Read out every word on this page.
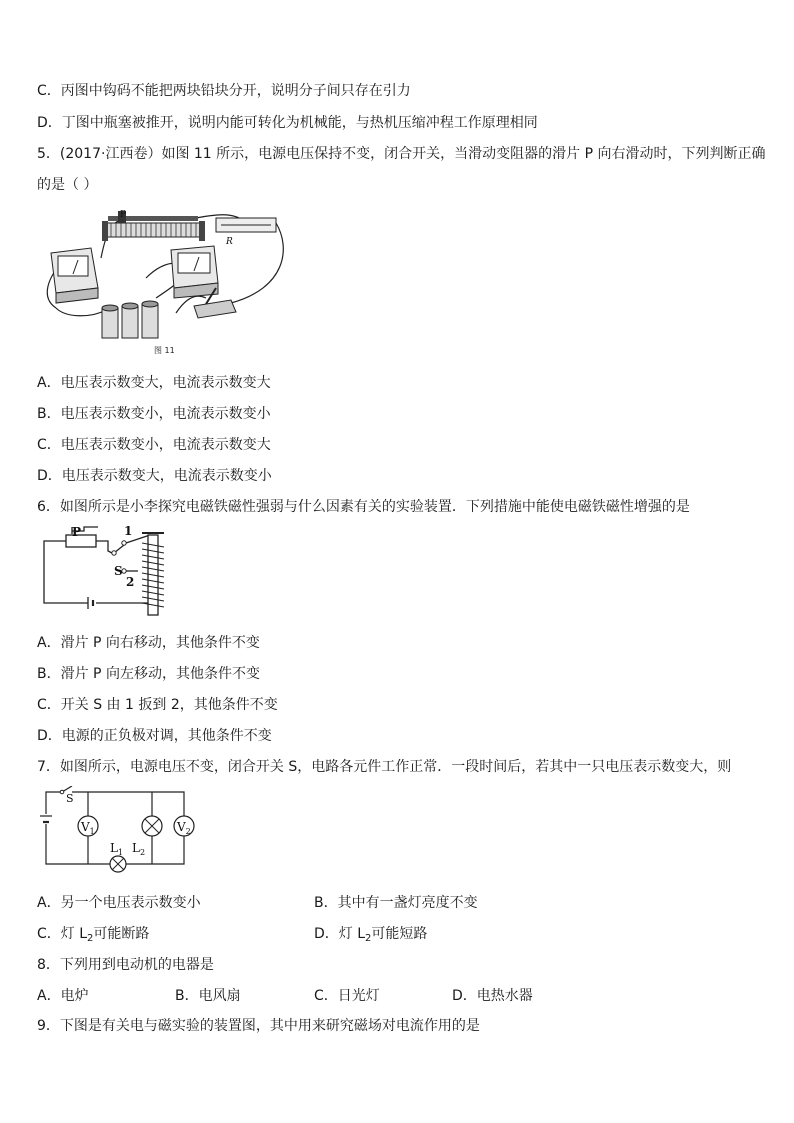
C．丙图中钩码不能把两块铅块分开，说明分子间只存在引力
D．丁图中瓶塞被推开，说明内能可转化为机械能，与热机压缩冲程工作原理相同
5．(2017·江西卷）如图 11 所示，电源电压保持不变，闭合开关，当滑动变阻器的滑片 P 向右滑动时，下列判断正确
的是（ ）
P
R
图 11
A．电压表示数变大，电流表示数变大
B．电压表示数变小，电流表示数变小
C．电压表示数变小，电流表示数变大
D．电压表示数变大，电流表示数变小
6．如图所示是小李探究电磁铁磁性强弱与什么因素有关的实验装置．下列措施中能使电磁铁磁性增强的是
P	1
S
2
A．滑片 P 向右移动，其他条件不变
B．滑片 P 向左移动，其他条件不变
C．开关 S 由 1 扳到 2，其他条件不变
D．电源的正负极对调，其他条件不变
7．如图所示，电源电压不变，闭合开关 S，电路各元件工作正常．一段时间后，若其中一只电压表示数变大，则
$V_1$
$L_2$
$V_2$
$L_1$
S
A．另一个电压表示数变小	B．其中有一盏灯亮度不变
C．灯 $L_2$可能断路	D．灯 $L_2$可能短路
8．下列用到电动机的电器是
A．电炉	B．电风扇	C．日光灯	D．电热水器
9．下图是有关电与磁实验的装置图，其中用来研究磁场对电流作用的是
